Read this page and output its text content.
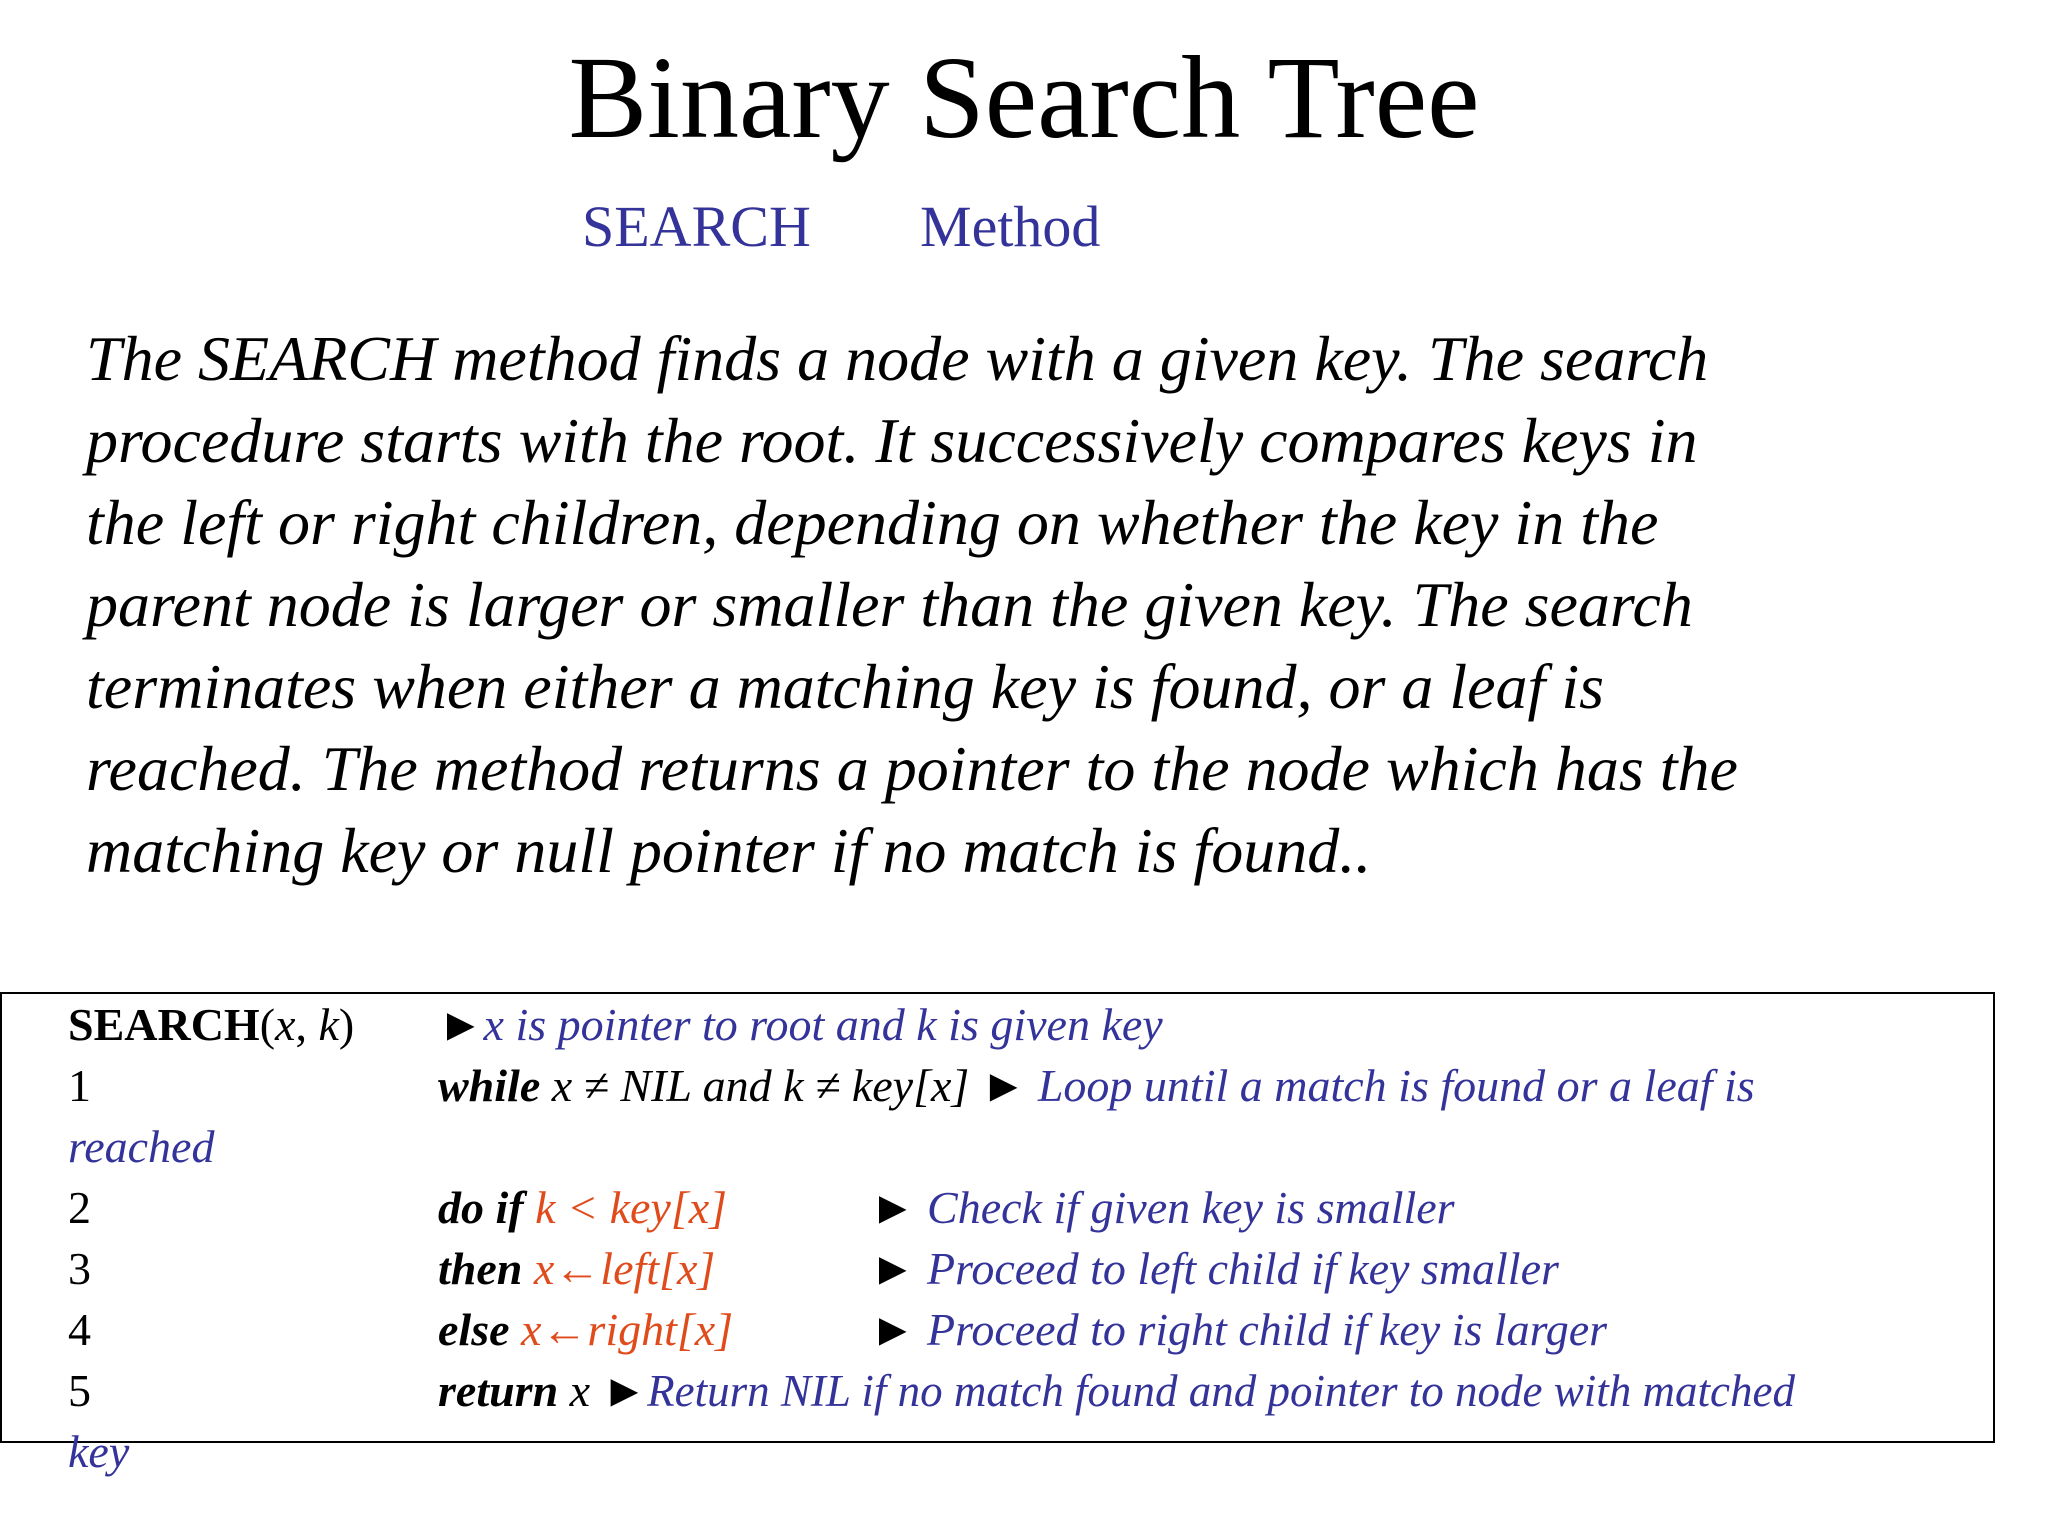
Binary Search Tree
SEARCH Method
The SEARCH method finds a node with a given key. The search
procedure starts with the root. It successively compares keys in
the left or right children, depending on whether the key in the
parent node is larger or smaller than the given key. The search
terminates when either a matching key is found, or a leaf is
reached. The method returns a pointer to the node which has the
matching key or null pointer if no match is found..
SEARCH(x, k) ►x is pointer to root and k is given key
1	while x ≠ NIL and k ≠ key[x] ► Loop until a match is found or a leaf is
reached
2	do if k < key[x]	► Check if given key is smaller
3	then x←left[x]	► Proceed to left child if key smaller
4	else x←right[x]	► Proceed to right child if key is larger
5	return x ►Return NIL if no match found and pointer to node with matched
key
